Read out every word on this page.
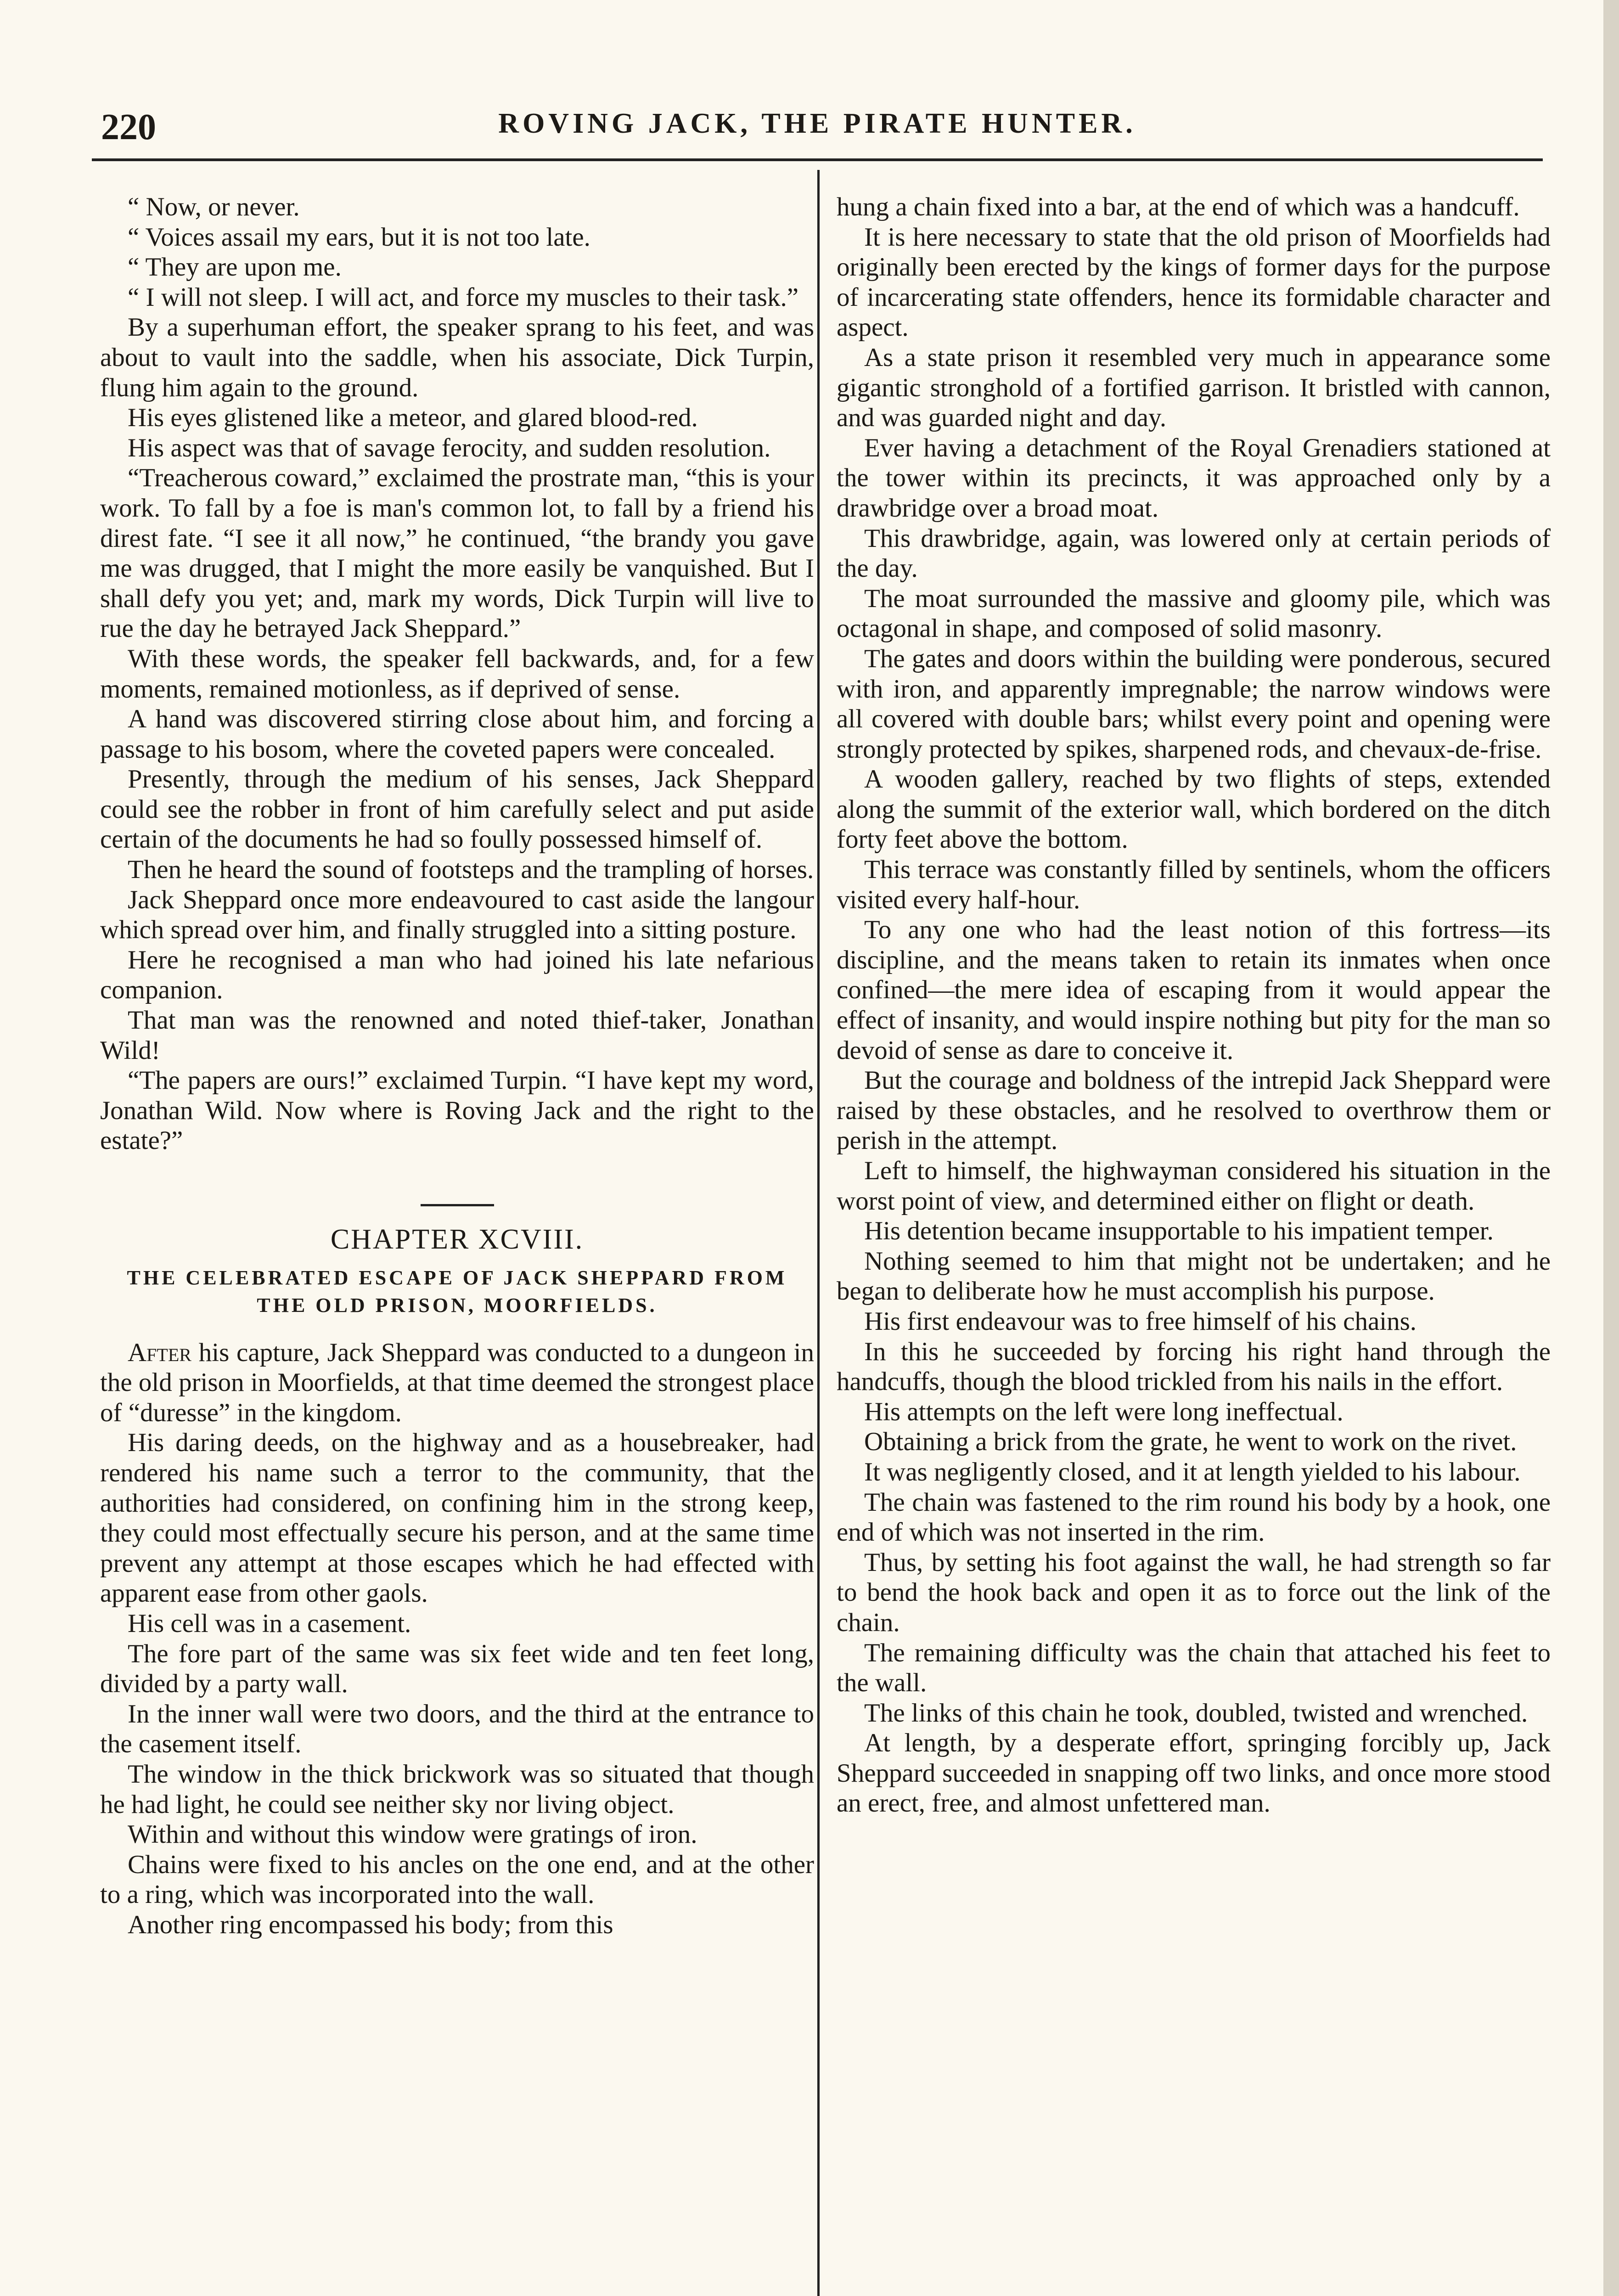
220	ROVING JACK, THE PIRATE HUNTER.

“ Now, or never.

“ Voices assail my ears, but it is not too late.

“ They are upon me.

“ I will not sleep. I will act, and force my muscles to their task.”

By a superhuman effort, the speaker sprang to his feet, and was about to vault into the saddle, when his associate, Dick Turpin, flung him again to the ground.

His eyes glistened like a meteor, and glared blood-red.

His aspect was that of savage ferocity, and sudden resolution.

“Treacherous coward,” exclaimed the prostrate man, “this is your work. To fall by a foe is man's common lot, to fall by a friend his direst fate. “I see it all now,” he continued, “the brandy you gave me was drugged, that I might the more easily be vanquished. But I shall defy you yet; and, mark my words, Dick Turpin will live to rue the day he betrayed Jack Sheppard.”

With these words, the speaker fell backwards, and, for a few moments, remained motionless, as if deprived of sense.

A hand was discovered stirring close about him, and forcing a passage to his bosom, where the coveted papers were concealed.

Presently, through the medium of his senses, Jack Sheppard could see the robber in front of him carefully select and put aside certain of the documents he had so foully possessed himself of.

Then he heard the sound of footsteps and the trampling of horses.

Jack Sheppard once more endeavoured to cast aside the langour which spread over him, and finally struggled into a sitting posture.

Here he recognised a man who had joined his late nefarious companion.

That man was the renowned and noted thief-taker, Jonathan Wild!

“The papers are ours!” exclaimed Turpin. “I have kept my word, Jonathan Wild. Now where is Roving Jack and the right to the estate?”

CHAPTER XCVIII.
THE CELEBRATED ESCAPE OF JACK SHEPPARD FROM THE OLD PRISON, MOORFIELDS.

After his capture, Jack Sheppard was conducted to a dungeon in the old prison in Moorfields, at that time deemed the strongest place of “duresse” in the kingdom.

His daring deeds, on the highway and as a housebreaker, had rendered his name such a terror to the community, that the authorities had considered, on confining him in the strong keep, they could most effectually secure his person, and at the same time prevent any attempt at those escapes which he had effected with apparent ease from other gaols.

His cell was in a casement.

The fore part of the same was six feet wide and ten feet long, divided by a party wall.

In the inner wall were two doors, and the third at the entrance to the casement itself.

The window in the thick brickwork was so situated that though he had light, he could see neither sky nor living object.

Within and without this window were gratings of iron.

Chains were fixed to his ancles on the one end, and at the other to a ring, which was incorporated into the wall.

Another ring encompassed his body; from this

hung a chain fixed into a bar, at the end of which was a handcuff.

It is here necessary to state that the old prison of Moorfields had originally been erected by the kings of former days for the purpose of incarcerating state offenders, hence its formidable character and aspect.

As a state prison it resembled very much in appearance some gigantic stronghold of a fortified garrison. It bristled with cannon, and was guarded night and day.

Ever having a detachment of the Royal Grenadiers stationed at the tower within its precincts, it was approached only by a drawbridge over a broad moat.

This drawbridge, again, was lowered only at certain periods of the day.

The moat surrounded the massive and gloomy pile, which was octagonal in shape, and composed of solid masonry.

The gates and doors within the building were ponderous, secured with iron, and apparently impregnable; the narrow windows were all covered with double bars; whilst every point and opening were strongly protected by spikes, sharpened rods, and chevaux-de-frise.

A wooden gallery, reached by two flights of steps, extended along the summit of the exterior wall, which bordered on the ditch forty feet above the bottom.

This terrace was constantly filled by sentinels, whom the officers visited every half-hour.

To any one who had the least notion of this fortress—its discipline, and the means taken to retain its inmates when once confined—the mere idea of escaping from it would appear the effect of insanity, and would inspire nothing but pity for the man so devoid of sense as dare to conceive it.

But the courage and boldness of the intrepid Jack Sheppard were raised by these obstacles, and he resolved to overthrow them or perish in the attempt.

Left to himself, the highwayman considered his situation in the worst point of view, and determined either on flight or death.

His detention became insupportable to his impatient temper.

Nothing seemed to him that might not be undertaken; and he began to deliberate how he must accomplish his purpose.

His first endeavour was to free himself of his chains.

In this he succeeded by forcing his right hand through the handcuffs, though the blood trickled from his nails in the effort.

His attempts on the left were long ineffectual.

Obtaining a brick from the grate, he went to work on the rivet.

It was negligently closed, and it at length yielded to his labour.

The chain was fastened to the rim round his body by a hook, one end of which was not inserted in the rim.

Thus, by setting his foot against the wall, he had strength so far to bend the hook back and open it as to force out the link of the chain.

The remaining difficulty was the chain that attached his feet to the wall.

The links of this chain he took, doubled, twisted and wrenched.

At length, by a desperate effort, springing forcibly up, Jack Sheppard succeeded in snapping off two links, and once more stood an erect, free, and almost unfettered man.
